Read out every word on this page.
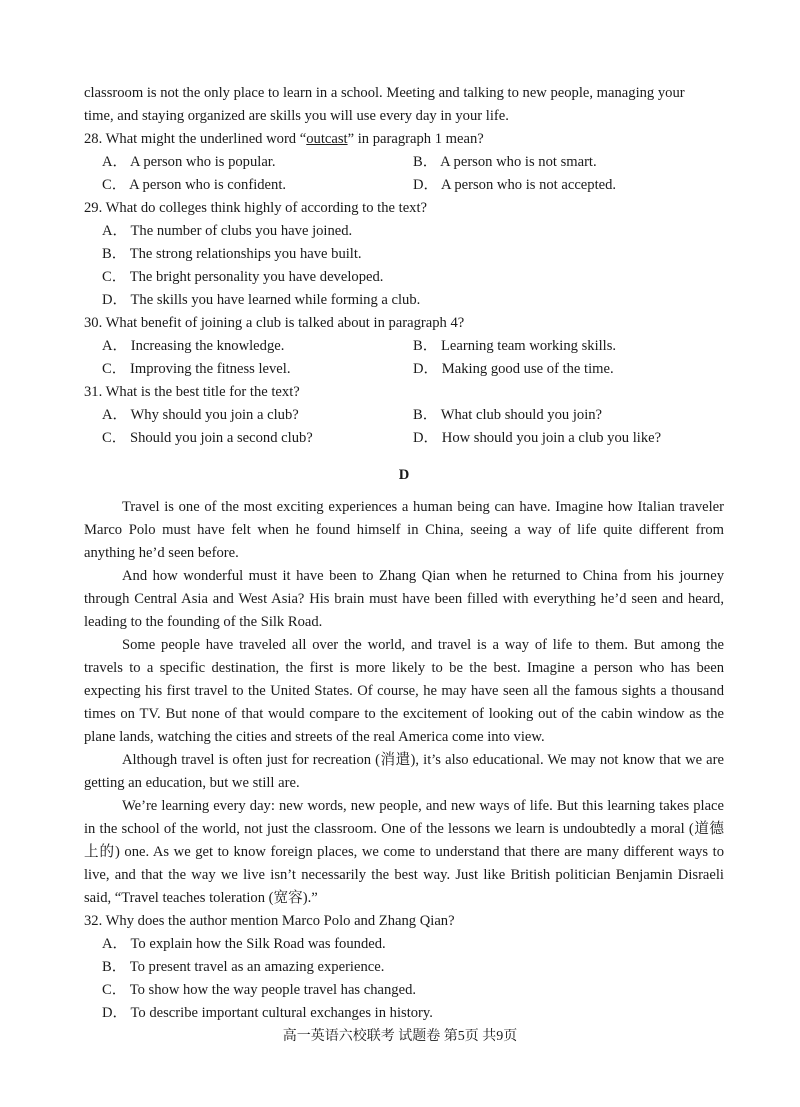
classroom is not the only place to learn in a school. Meeting and talking to new people, managing your
time, and staying organized are skills you will use every day in your life.
28. What might the underlined word “outcast” in paragraph 1 mean?
A． A person who is popular.	B． A person who is not smart.
C． A person who is confident.	D． A person who is not accepted.
29. What do colleges think highly of according to the text?
A． The number of clubs you have joined.
B． The strong relationships you have built.
C． The bright personality you have developed.
D． The skills you have learned while forming a club.
30. What benefit of joining a club is talked about in paragraph 4?
A． Increasing the knowledge.	B． Learning team working skills.
C． Improving the fitness level.	D． Making good use of the time.
31. What is the best title for the text?
A． Why should you join a club?	B． What club should you join?
C． Should you join a second club?	D． How should you join a club you like?
D
Travel is one of the most exciting experiences a human being can have. Imagine how Italian traveler Marco Polo must have felt when he found himself in China, seeing a way of life quite different from anything he’d seen before.
And how wonderful must it have been to Zhang Qian when he returned to China from his journey through Central Asia and West Asia? His brain must have been filled with everything he’d seen and heard, leading to the founding of the Silk Road.
Some people have traveled all over the world, and travel is a way of life to them. But among the travels to a specific destination, the first is more likely to be the best. Imagine a person who has been expecting his first travel to the United States. Of course, he may have seen all the famous sights a thousand times on TV. But none of that would compare to the excitement of looking out of the cabin window as the plane lands, watching the cities and streets of the real America come into view.
Although travel is often just for recreation (消遣), it’s also educational. We may not know that we are getting an education, but we still are.
We’re learning every day: new words, new people, and new ways of life. But this learning takes place in the school of the world, not just the classroom. One of the lessons we learn is undoubtedly a moral (道德上的) one. As we get to know foreign places, we come to understand that there are many different ways to live, and that the way we live isn’t necessarily the best way. Just like British politician Benjamin Disraeli said, “Travel teaches toleration (宽容).”
32. Why does the author mention Marco Polo and Zhang Qian?
A． To explain how the Silk Road was founded.
B． To present travel as an amazing experience.
C． To show how the way people travel has changed.
D． To describe important cultural exchanges in history.
高一英语六校联考 试题卷 第5页 共9页
